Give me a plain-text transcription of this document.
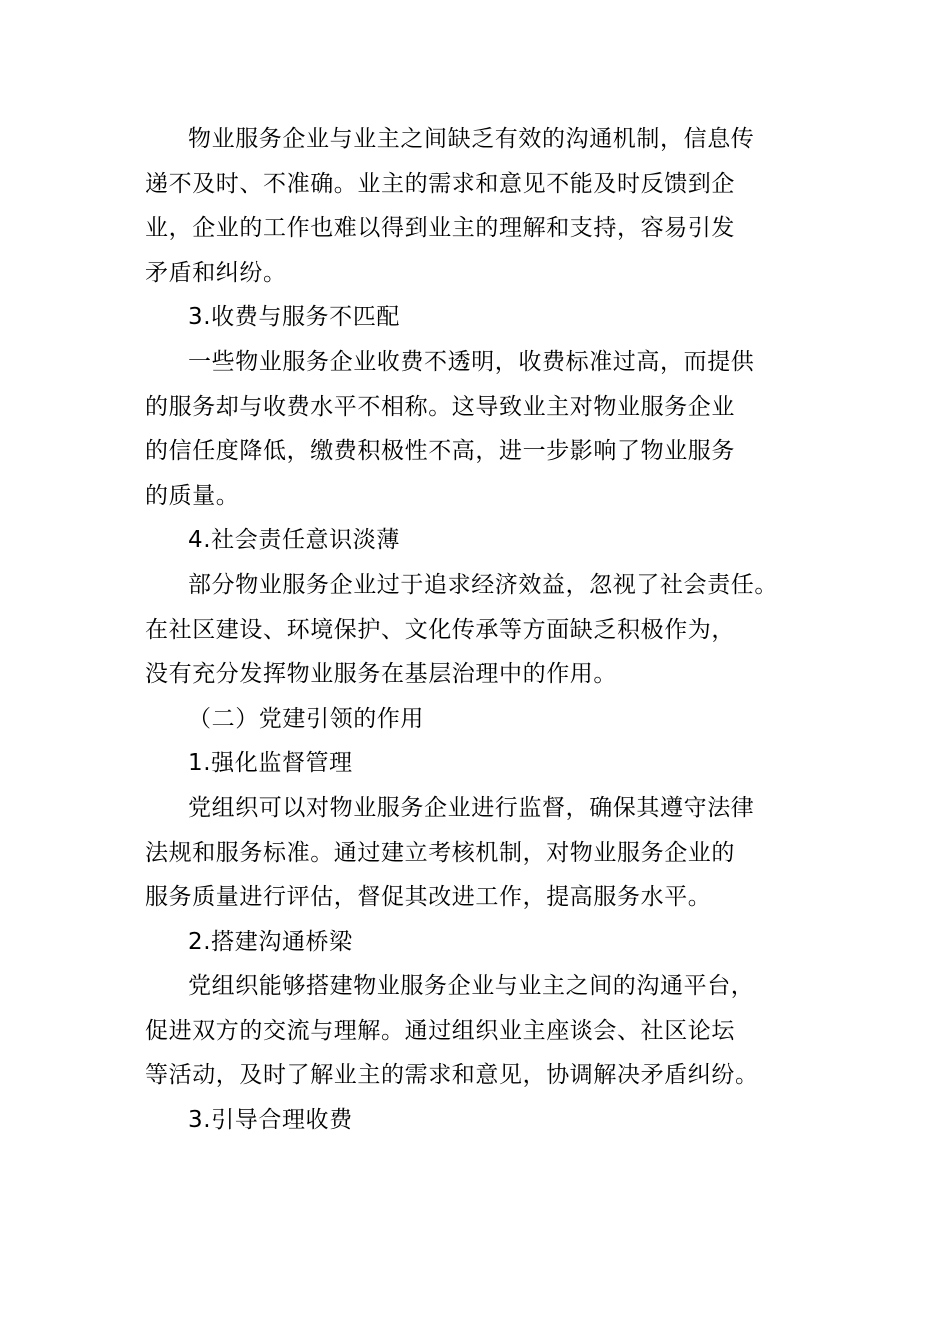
物业服务企业与业主之间缺乏有效的沟通机制，信息传
递不及时、不准确。业主的需求和意见不能及时反馈到企
业，企业的工作也难以得到业主的理解和支持，容易引发
矛盾和纠纷。
3.收费与服务不匹配
一些物业服务企业收费不透明，收费标准过高，而提供
的服务却与收费水平不相称。这导致业主对物业服务企业
的信任度降低，缴费积极性不高，进一步影响了物业服务
的质量。
4.社会责任意识淡薄
部分物业服务企业过于追求经济效益，忽视了社会责任。
在社区建设、环境保护、文化传承等方面缺乏积极作为，
没有充分发挥物业服务在基层治理中的作用。
（二）党建引领的作用
1.强化监督管理
党组织可以对物业服务企业进行监督，确保其遵守法律
法规和服务标准。通过建立考核机制，对物业服务企业的
服务质量进行评估，督促其改进工作，提高服务水平。
2.搭建沟通桥梁
党组织能够搭建物业服务企业与业主之间的沟通平台，
促进双方的交流与理解。通过组织业主座谈会、社区论坛
等活动，及时了解业主的需求和意见，协调解决矛盾纠纷。
3.引导合理收费
